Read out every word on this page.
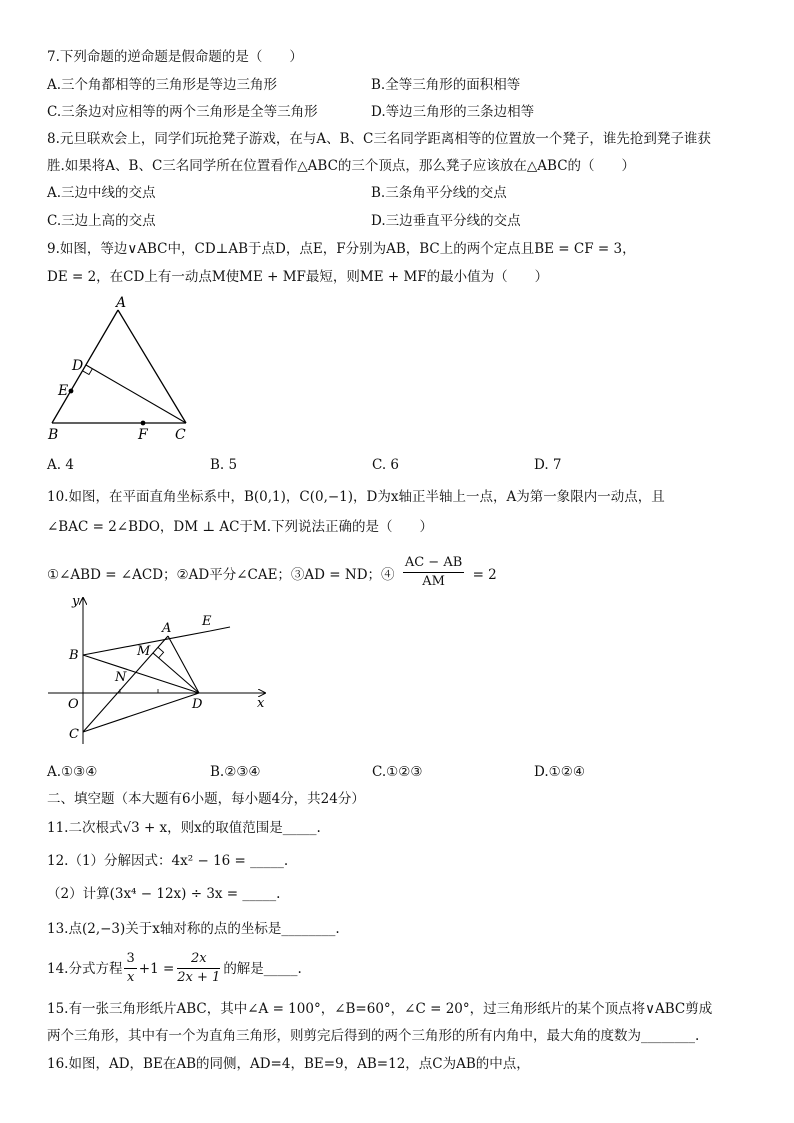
7.下列命题的逆命题是假命题的是（　　）
A.三个角都相等的三角形是等边三角形	B.全等三角形的面积相等
C.三条边对应相等的两个三角形是全等三角形	D.等边三角形的三条边相等
8.元旦联欢会上，同学们玩抢凳子游戏，在与A、B、C三名同学距离相等的位置放一个凳子，谁先抢到凳子谁获
胜.如果将A、B、C三名同学所在位置看作△ABC的三个顶点，那么凳子应该放在△ABC的（　　）
A.三边中线的交点	B.三条角平分线的交点
C.三边上高的交点	D.三边垂直平分线的交点
9.如图，等边∨ABC中，CD⊥AB于点D，点E，F分别为AB，BC上的两个定点且BE = CF = 3，
DE = 2，在CD上有一动点M使ME + MF最短，则ME + MF的最小值为（　　）
A
D
E
B	F C
A. 4	B. 5	C. 6	D. 7
10.如图，在平面直角坐标系中，B(0,1)，C(0,−1)，D为x轴正半轴上一点，A为第一象限内一动点，且
∠BAC = 2∠BDO，DM ⊥ AC于M.下列说法正确的是（　　）
①∠ABD = ∠ACD；②AD平分∠CAE；③AD = ND；④ $\frac{AC - AB}{AM} = 2$
y
x
O
B
C
A E
M
N
D
A.①③④	B.②③④	C.①②③	D.①②④
二、填空题（本大题有6小题，每小题4分，共24分）
11.二次根式√3 + x，则x的取值范围是_____.
12.（1）分解因式：4x² − 16 = _____.
（2）计算(3x⁴ − 12x) ÷ 3x = _____.
13.点(2,−3)关于x轴对称的点的坐标是________.
14.分式方程 $\frac{3}{x} +1 = \frac{2x}{2x + 1}$ 的解是_____.
15.有一张三角形纸片ABC，其中∠A = 100°，∠B=60°，∠C = 20°，过三角形纸片的某个顶点将∨ABC剪成
两个三角形，其中有一个为直角三角形，则剪完后得到的两个三角形的所有内角中，最大角的度数为________.
16.如图，AD，BE在AB的同侧，AD=4，BE=9，AB=12，点C为AB的中点，
